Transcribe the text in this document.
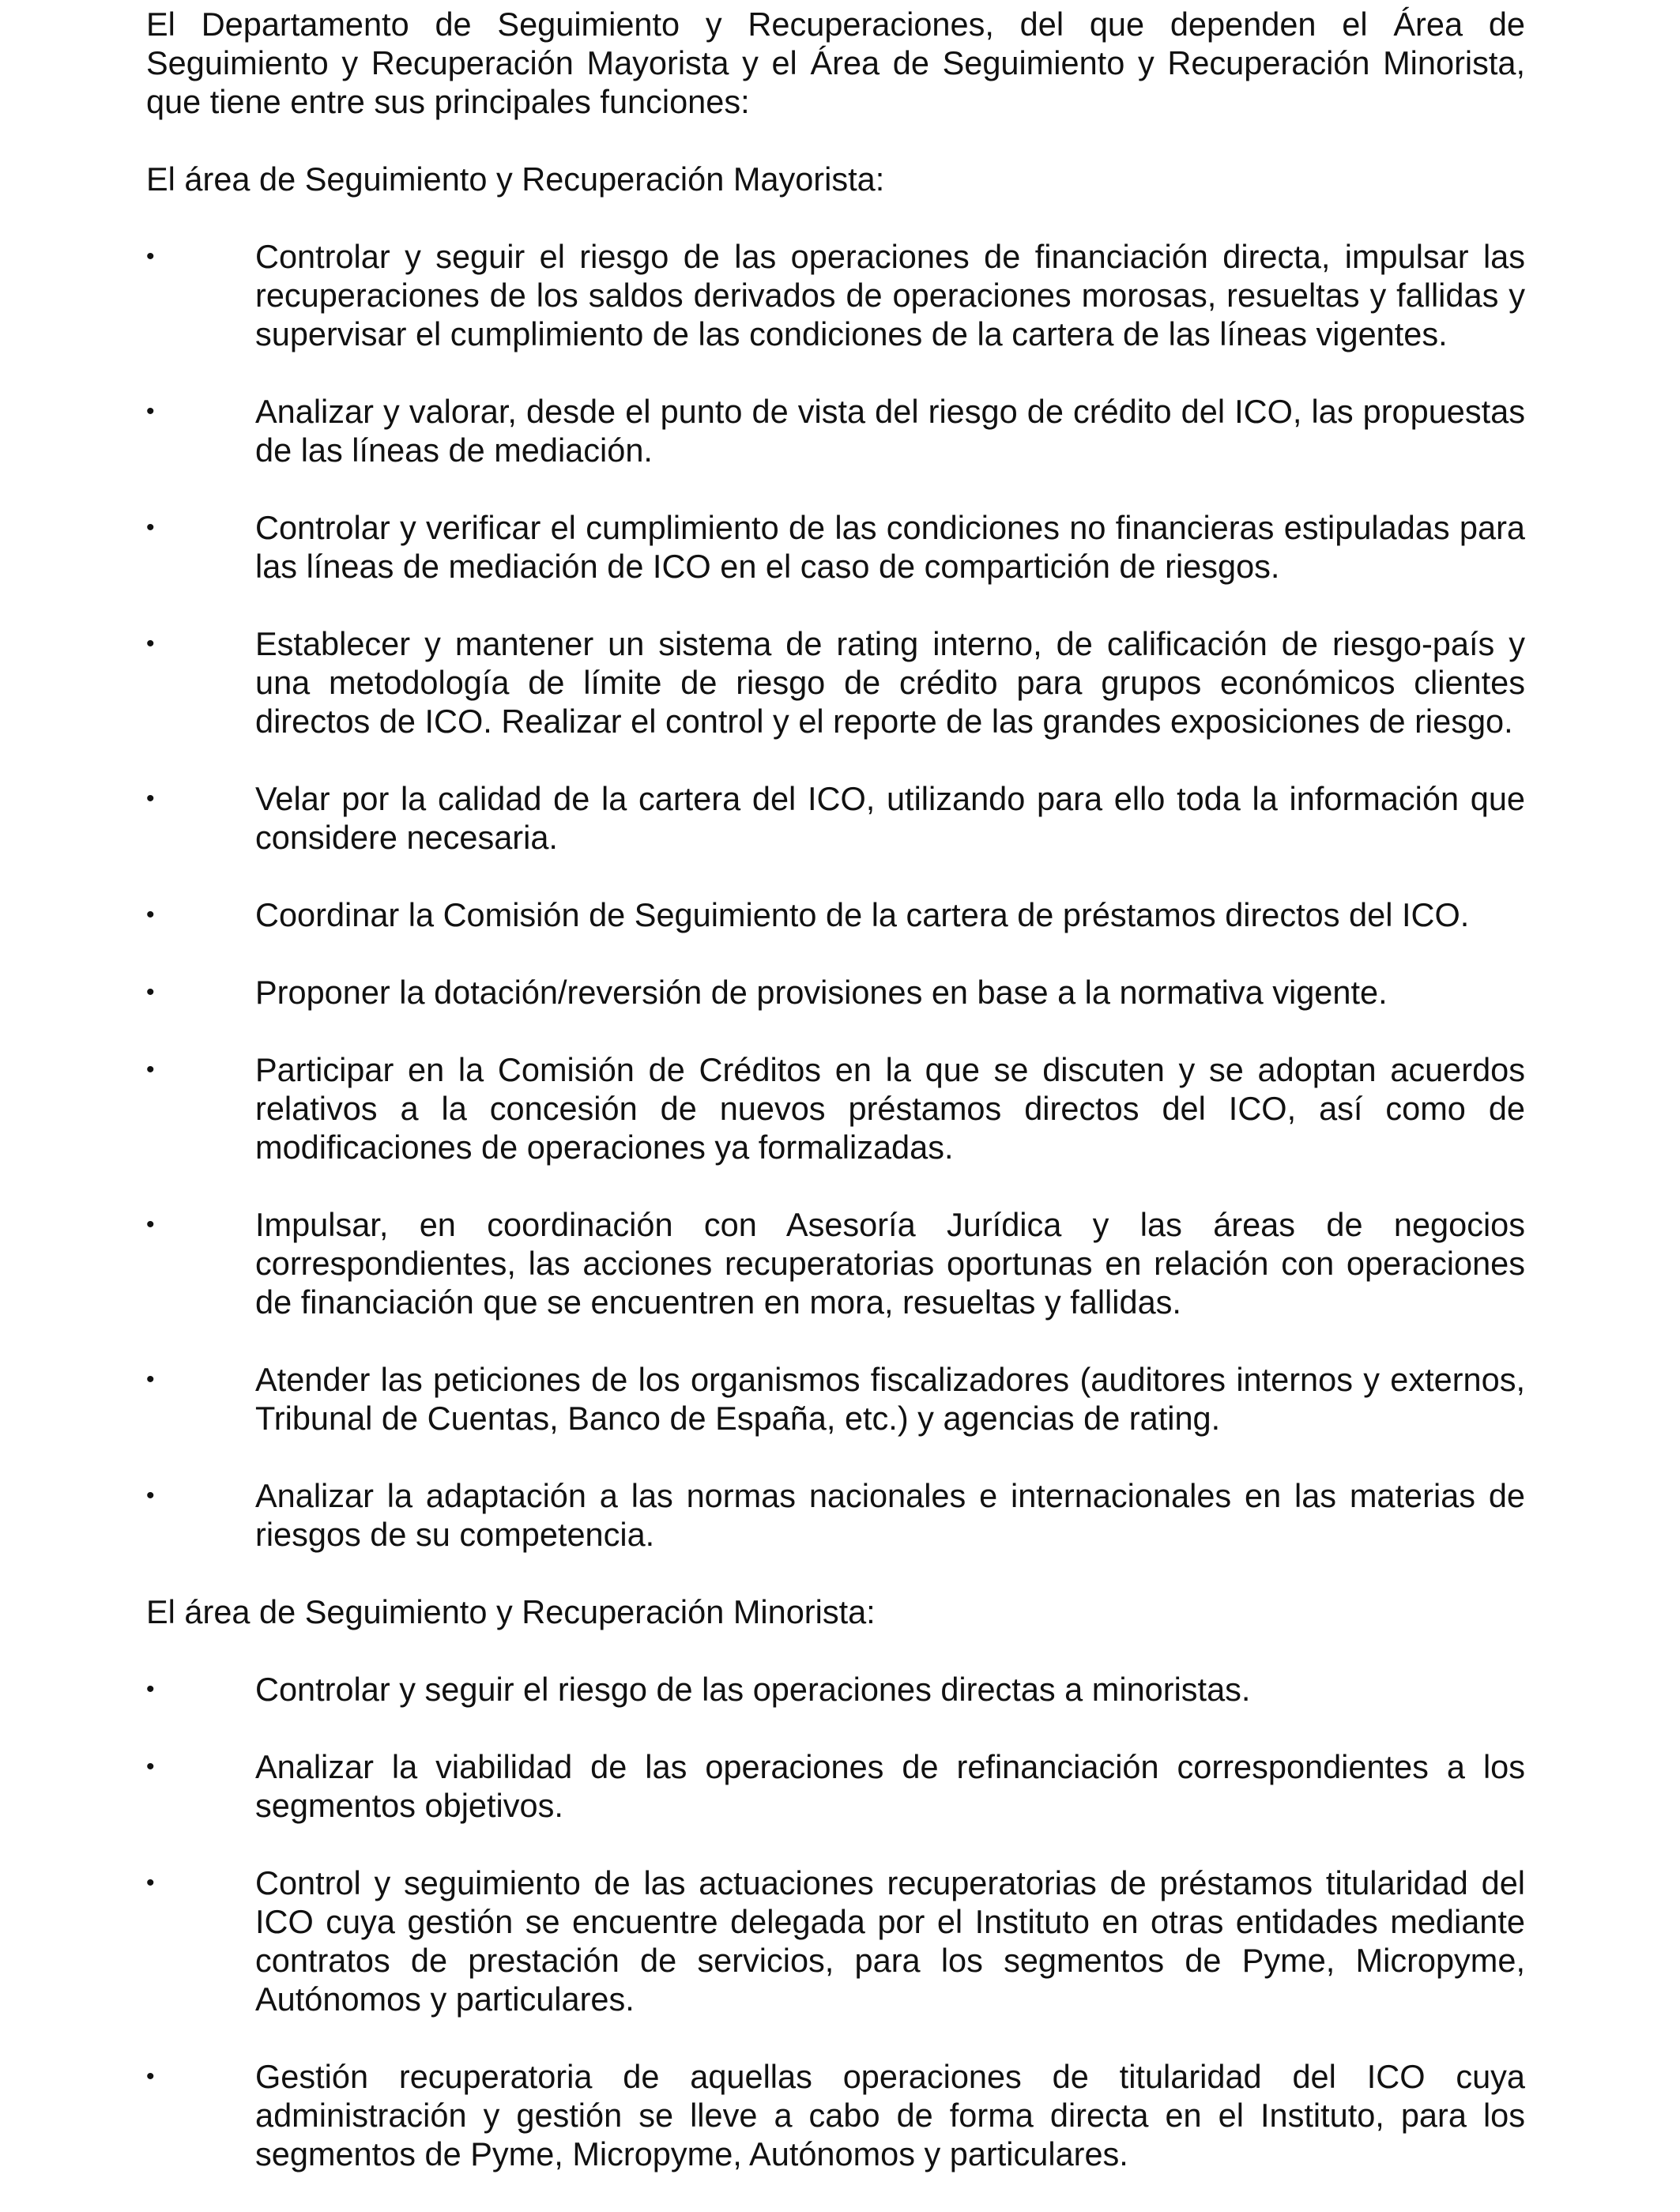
El Departamento de Seguimiento y Recuperaciones, del que dependen el Área de Seguimiento y Recuperación Mayorista y el Área de Seguimiento y Recuperación Minorista, que tiene entre sus principales funciones:

El área de Seguimiento y Recuperación Mayorista:

•	Controlar y seguir el riesgo de las operaciones de financiación directa, impulsar las recuperaciones de los saldos derivados de operaciones morosas, resueltas y fallidas y supervisar el cumplimiento de las condiciones de la cartera de las líneas vigentes.
•	Analizar y valorar, desde el punto de vista del riesgo de crédito del ICO, las propuestas de las líneas de mediación.
•	Controlar y verificar el cumplimiento de las condiciones no financieras estipuladas para las líneas de mediación de ICO en el caso de compartición de riesgos.
•	Establecer y mantener un sistema de rating interno, de calificación de riesgo-país y una metodología de límite de riesgo de crédito para grupos económicos clientes directos de ICO. Realizar el control y el reporte de las grandes exposiciones de riesgo.
•	Velar por la calidad de la cartera del ICO, utilizando para ello toda la información que considere necesaria.
•	Coordinar la Comisión de Seguimiento de la cartera de préstamos directos del ICO.
•	Proponer la dotación/reversión de provisiones en base a la normativa vigente.
•	Participar en la Comisión de Créditos en la que se discuten y se adoptan acuerdos relativos a la concesión de nuevos préstamos directos del ICO, así como de modificaciones de operaciones ya formalizadas.
•	Impulsar, en coordinación con Asesoría Jurídica y las áreas de negocios correspondientes, las acciones recuperatorias oportunas en relación con operaciones de financiación que se encuentren en mora, resueltas y fallidas.
•	Atender las peticiones de los organismos fiscalizadores (auditores internos y externos, Tribunal de Cuentas, Banco de España, etc.) y agencias de rating.
•	Analizar la adaptación a las normas nacionales e internacionales en las materias de riesgos de su competencia.

El área de Seguimiento y Recuperación Minorista:

•	Controlar y seguir el riesgo de las operaciones directas a minoristas.
•	Analizar la viabilidad de las operaciones de refinanciación correspondientes a los segmentos objetivos.
•	Control y seguimiento de las actuaciones recuperatorias de préstamos titularidad del ICO cuya gestión se encuentre delegada por el Instituto en otras entidades mediante contratos de prestación de servicios, para los segmentos de Pyme, Micropyme, Autónomos y particulares.
•	Gestión recuperatoria de aquellas operaciones de titularidad del ICO cuya administración y gestión se lleve a cabo de forma directa en el Instituto, para los segmentos de Pyme, Micropyme, Autónomos y particulares.
